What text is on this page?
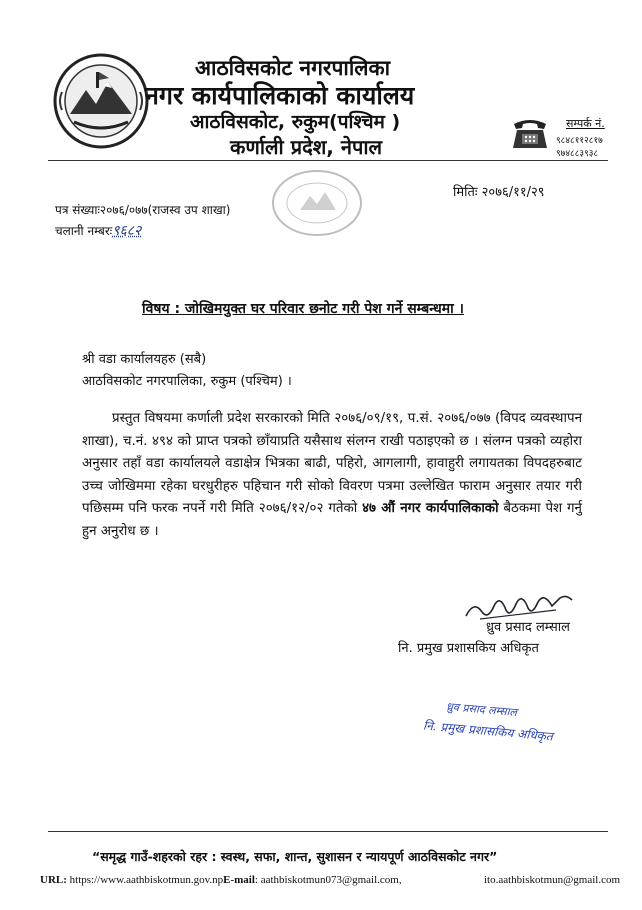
आठविसकोट नगरपालिका
नगर कार्यपालिकाको कार्यालय
आठविसकोट, रुकुम(पश्चिम )
कर्णाली प्रदेश, नेपाल
सम्पर्क नं.
९८४८११२८१७
९७४८८३९३८
मितिः २०७६/११/२९
पत्र संख्याः२०७६/०७७(राजस्व उप शाखा)
चलानी नम्बरः९६८२
विषय : जोखिमयुक्त घर परिवार छनोट गरी पेश गर्ने सम्बन्धमा ।
श्री वडा कार्यालयहरु (सबै)
आठविसकोट नगरपालिका, रुकुम (पश्चिम) ।
प्रस्तुत विषयमा कर्णाली प्रदेश सरकारको मिति २०७६/०९/१९, प.सं. २०७६/०७७ (विपद व्यवस्थापन शाखा), च.नं. ४९४ को प्राप्त पत्रको छाँयाप्रति यसैसाथ संलग्न राखी पठाइएको छ । संलग्न पत्रको व्यहोरा अनुसार तहाँ वडा कार्यालयले वडाक्षेत्र भित्रका बाढी, पहिरो, आगलागी, हावाहुरी लगायतका विपदहरुबाट उच्च जोखिममा रहेका घरधुरीहरु पहिचान गरी सोको विवरण पत्रमा उल्लेखित फाराम अनुसार तयार गरी पछिसम्म पनि फरक नपर्ने गरी मिति २०७६/१२/०२ गतेको ४७ औं नगर कार्यपालिकाको बैठकमा पेश गर्नु हुन अनुरोध छ ।
ध्रुव प्रसाद लम्साल
नि. प्रमुख प्रशासकिय अधिकृत
ध्रुव प्रसाद लम्साल
नि. प्रमुख प्रशासकिय अधिकृत
“समृद्ध गाउँ-शहरको रहर : स्वस्थ, सफा, शान्त, सुशासन र न्यायपूर्ण आठविसकोट नगर”
URL: https://www.aathbiskotmun.gov.npE-mail: aathbiskotmun073@gmail.com,	ito.aathbiskotmun@gmail.com
